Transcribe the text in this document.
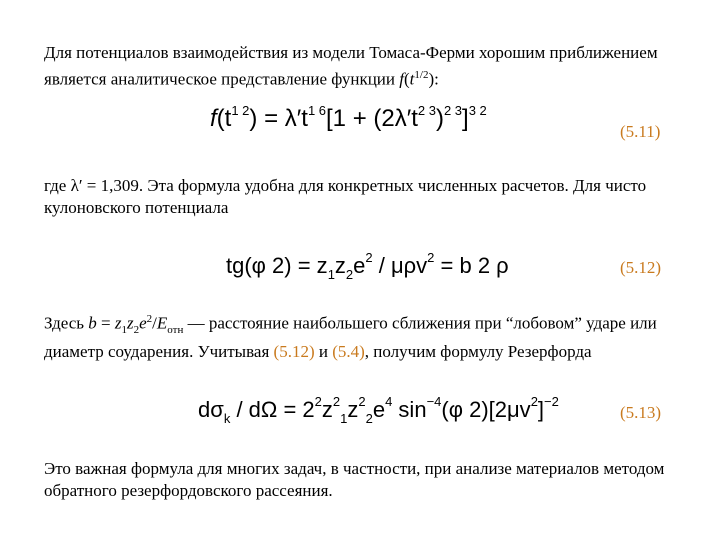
Для потенциалов взаимодействия из модели Томаса-Ферми хорошим приближением является аналитическое представление функции $f(t^{1/2})$:
$f(t^{1 2}) = \lambda't^{1 6}[1 + (2\lambda't^{2 3})^{2 3}]^{3 2}$
(5.11)
где λ′ = 1,309. Эта формула удобна для конкретных численных расчетов. Для чисто кулоновского потенциала
tg(φ $2) = z_1z_2e^2 / \mu\rho v^2 = b$ 2 ρ	(5.12)
Здесь $b = z_1z_2e^2/E_{отн}$ — расстояние наибольшего сближения при “лобовом” ударе или диаметр соударения. Учитывая (5.12) и (5.4), получим формулу Резерфорда
$d\sigma_k / d\Omega = 2^2z^2_1z^2_2e^4$ $\sin^{-4}(\varphi$ $2)[2\mu v^2]^{-2}$
(5.13)
Это важная формула для многих задач, в частности, при анализе материалов методом обратного резерфордовского рассеяния.
